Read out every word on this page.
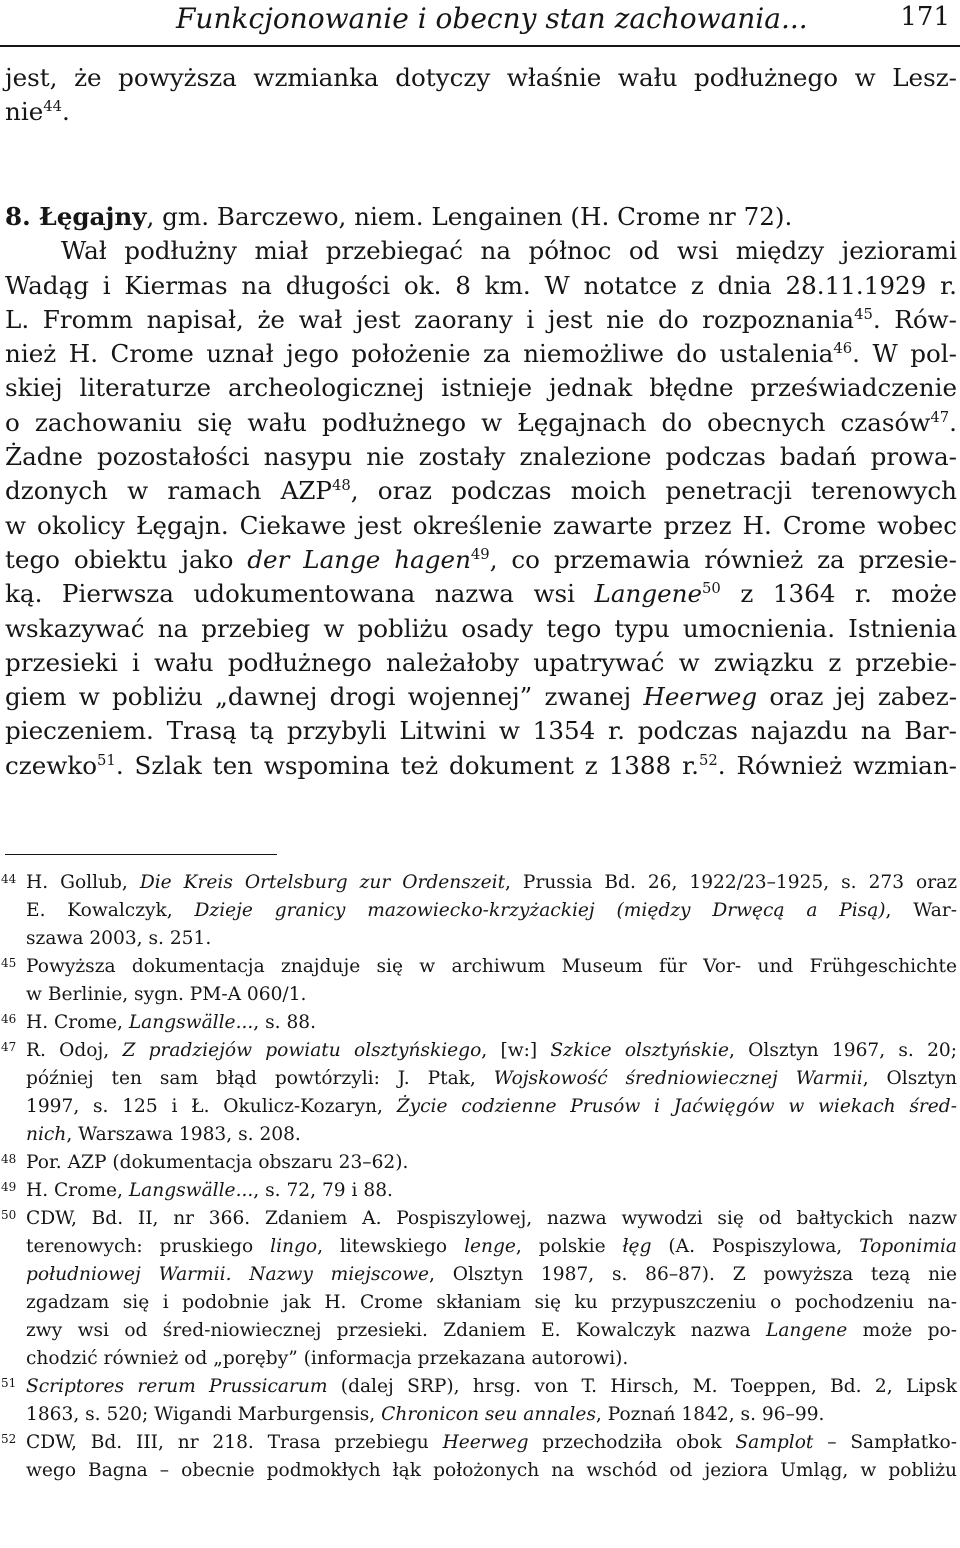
Funkcjonowanie i obecny stan zachowania...	171
jest, że powyższa wzmianka dotyczy właśnie wału podłużnego w Lesz-
nie$^{44}$.
8. Łęgajny, gm. Barczewo, niem. Lengainen (H. Crome nr 72).
Wał podłużny miał przebiegać na północ od wsi między jeziorami
Wadąg i Kiermas na długości ok. 8 km. W notatce z dnia 28.11.1929 r.
L. Fromm napisał, że wał jest zaorany i jest nie do rozpoznania$^{45}$. Rów-
nież H. Crome uznał jego położenie za niemożliwe do ustalenia$^{46}$. W pol-
skiej literaturze archeologicznej istnieje jednak błędne przeświadczenie
o zachowaniu się wału podłużnego w Łęgajnach do obecnych czasów$^{47}$.
Żadne pozostałości nasypu nie zostały znalezione podczas badań prowa-
dzonych w ramach AZP$^{48}$, oraz podczas moich penetracji terenowych
w okolicy Łęgajn. Ciekawe jest określenie zawarte przez H. Crome wobec
tego obiektu jako der Lange hagen$^{49}$, co przemawia również za przesie-
ką. Pierwsza udokumentowana nazwa wsi Langene$^{50}$ z 1364 r. może
wskazywać na przebieg w pobliżu osady tego typu umocnienia. Istnienia
przesieki i wału podłużnego należałoby upatrywać w związku z przebie-
giem w pobliżu „dawnej drogi wojennej” zwanej Heerweg oraz jej zabez-
pieczeniem. Trasą tą przybyli Litwini w 1354 r. podczas najazdu na Bar-
czewko$^{51}$. Szlak ten wspomina też dokument z 1388 r.$^{52}$. Również wzmian-
44 H. Gollub, Die Kreis Ortelsburg zur Ordenszeit, Prussia Bd. 26, 1922/23–1925, s. 273 oraz
E. Kowalczyk, Dzieje granicy mazowiecko-krzyżackiej (między Drwęcą a Pisą), War-
szawa 2003, s. 251.
45 Powyższa dokumentacja znajduje się w archiwum Museum für Vor- und Frühgeschichte
w Berlinie, sygn. PM-A 060/1.
46 H. Crome, Langswälle..., s. 88.
47 R. Odoj, Z pradziejów powiatu olsztyńskiego, [w:] Szkice olsztyńskie, Olsztyn 1967, s. 20;
później ten sam błąd powtórzyli: J. Ptak, Wojskowość średniowiecznej Warmii, Olsztyn
1997, s. 125 i Ł. Okulicz-Kozaryn, Życie codzienne Prusów i Jaćwięgów w wiekach śred-
nich, Warszawa 1983, s. 208.
48 Por. AZP (dokumentacja obszaru 23–62).
49 H. Crome, Langswälle..., s. 72, 79 i 88.
50 CDW, Bd. II, nr 366. Zdaniem A. Pospiszylowej, nazwa wywodzi się od bałtyckich nazw
terenowych: pruskiego lingo, litewskiego lenge, polskie łęg (A. Pospiszylowa, Toponimia
południowej Warmii. Nazwy miejscowe, Olsztyn 1987, s. 86–87). Z powyższa tezą nie
zgadzam się i podobnie jak H. Crome skłaniam się ku przypuszczeniu o pochodzeniu na-
zwy wsi od śred-niowiecznej przesieki. Zdaniem E. Kowalczyk nazwa Langene może po-
chodzić również od „poręby” (informacja przekazana autorowi).
51 Scriptores rerum Prussicarum (dalej SRP), hrsg. von T. Hirsch, M. Toeppen, Bd. 2, Lipsk
1863, s. 520; Wigandi Marburgensis, Chronicon seu annales, Poznań 1842, s. 96–99.
52 CDW, Bd. III, nr 218. Trasa przebiegu Heerweg przechodziła obok Samplot – Sampłatko-
wego Bagna – obecnie podmokłych łąk położonych na wschód od jeziora Umląg, w pobliżu
